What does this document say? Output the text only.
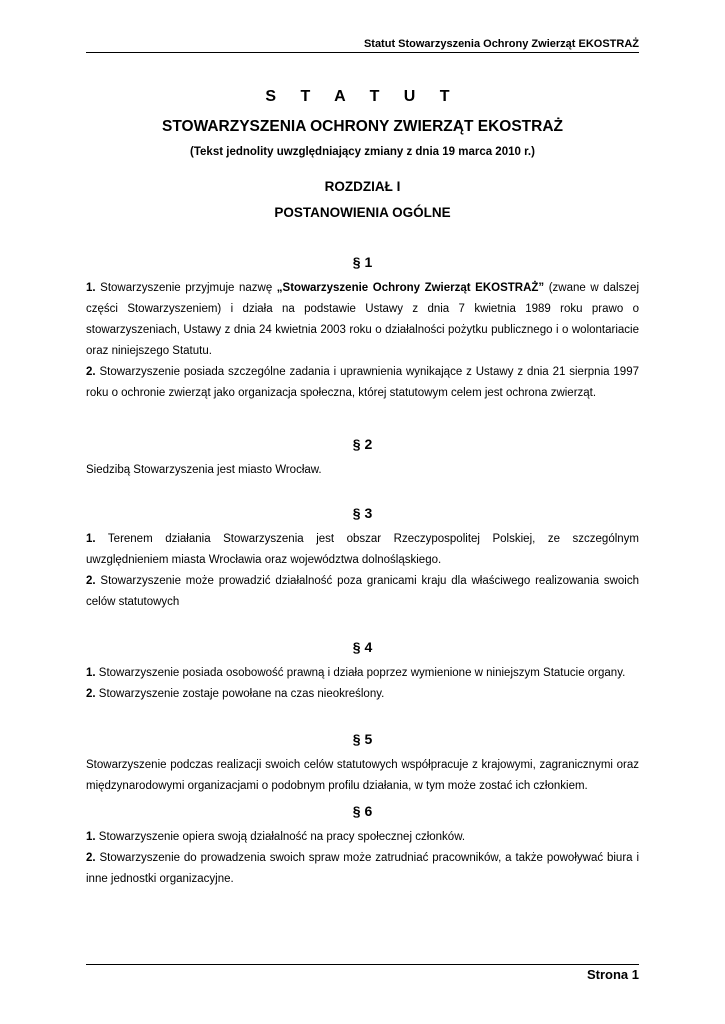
Statut Stowarzyszenia Ochrony Zwierząt EKOSTRAŻ
S T A T U T
STOWARZYSZENIA OCHRONY ZWIERZĄT EKOSTRAŻ
(Tekst jednolity uwzględniający zmiany z dnia 19 marca 2010 r.)
ROZDZIAŁ I
POSTANOWIENIA OGÓLNE
§ 1

1. Stowarzyszenie przyjmuje nazwę „Stowarzyszenie Ochrony Zwierząt EKOSTRAŻ” (zwane w dalszej części Stowarzyszeniem) i działa na podstawie Ustawy z dnia 7 kwietnia 1989 roku prawo o stowarzyszeniach, Ustawy z dnia 24 kwietnia 2003 roku o działalności pożytku publicznego i o wolontariacie oraz niniejszego Statutu.

2. Stowarzyszenie posiada szczególne zadania i uprawnienia wynikające z Ustawy z dnia 21 sierpnia 1997 roku o ochronie zwierząt jako organizacja społeczna, której statutowym celem jest ochrona zwierząt.

§ 2

Siedzibą Stowarzyszenia jest miasto Wrocław.

§ 3

1. Terenem działania Stowarzyszenia jest obszar Rzeczypospolitej Polskiej, ze szczególnym uwzględnieniem miasta Wrocławia oraz województwa dolnośląskiego.

2. Stowarzyszenie może prowadzić działalność poza granicami kraju dla właściwego realizowania swoich celów statutowych

§ 4

1. Stowarzyszenie posiada osobowość prawną i działa poprzez wymienione w niniejszym Statucie organy.

2. Stowarzyszenie zostaje powołane na czas nieokreślony.

§ 5

Stowarzyszenie podczas realizacji swoich celów statutowych współpracuje z krajowymi, zagranicznymi oraz międzynarodowymi organizacjami o podobnym profilu działania, w tym może zostać ich członkiem.

§ 6

1. Stowarzyszenie opiera swoją działalność na pracy społecznej członków.

2. Stowarzyszenie do prowadzenia swoich spraw może zatrudniać pracowników, a także powoływać biura i inne jednostki organizacyjne.

Strona 1
